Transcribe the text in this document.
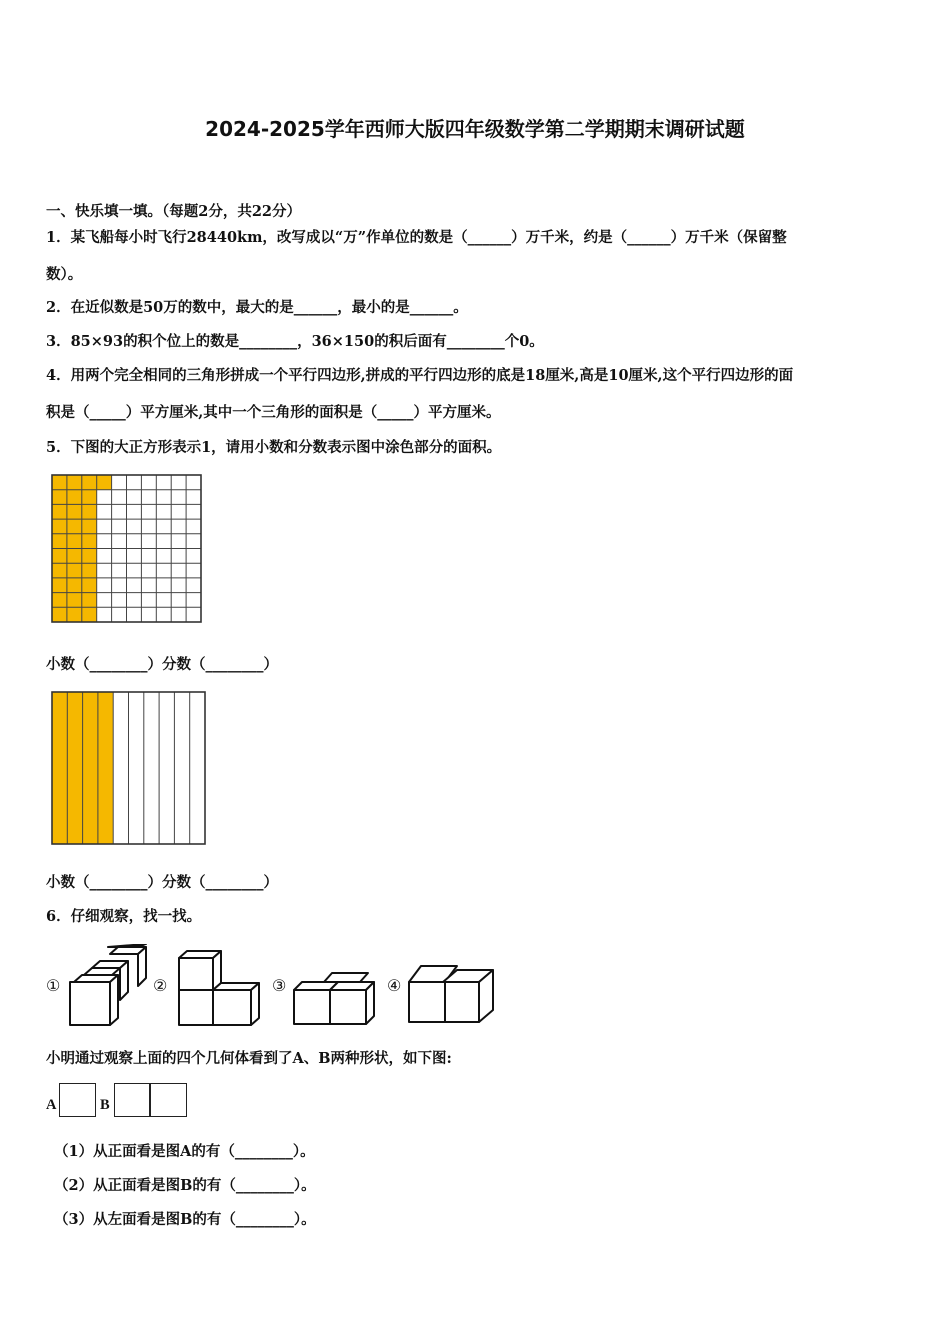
2024-2025学年西师大版四年级数学第二学期期末调研试题
一、快乐填一填。（每题2分，共22分）
1．某飞船每小时飞行28440km，改写成以“万”作单位的数是（______）万千米，约是（______）万千米（保留整
数）。
2．在近似数是50万的数中，最大的是______，最小的是______。
3．85×93的积个位上的数是________，36×150的积后面有________个0。
4．用两个完全相同的三角形拼成一个平行四边形,拼成的平行四边形的底是18厘米,高是10厘米,这个平行四边形的面
积是（_____）平方厘米,其中一个三角形的面积是（_____）平方厘米。
5．下图的大正方形表示1，请用小数和分数表示图中涂色部分的面积。
小数（________）分数（________）
小数（________）分数（________）
6．仔细观察，找一找。
①	②	③	④
小明通过观察上面的四个几何体看到了A、B两种形状，如下图:
A	B
（1）从正面看是图A的有（________）。
（2）从正面看是图B的有（________）。
（3）从左面看是图B的有（________）。
